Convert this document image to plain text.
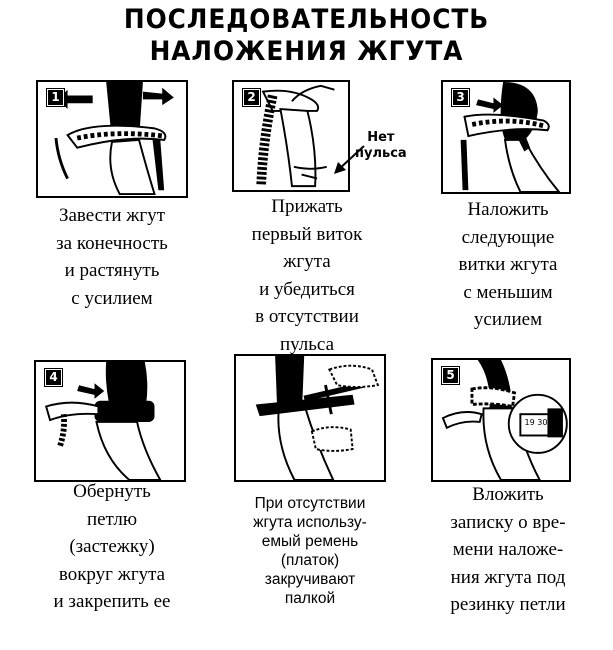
ПОСЛЕДОВАТЕЛЬНОСТЬ
НАЛОЖЕНИЯ ЖГУТА
1	2
Нет
пульса
3
4	5
19 30
Завести жгут
за конечность
и растянуть
с усилием
Прижать
первый виток
жгута
и убедиться
в отсутствии
пульса
Наложить
следующие
витки жгута
с меньшим
усилием
Обернуть
петлю
(застежку)
вокруг жгута
и закрепить ее
При отсутствии
жгута использу-
емый ремень
(платок)
закручивают
палкой
Вложить
записку о вре-
мени наложе-
ния жгута под
резинку петли
